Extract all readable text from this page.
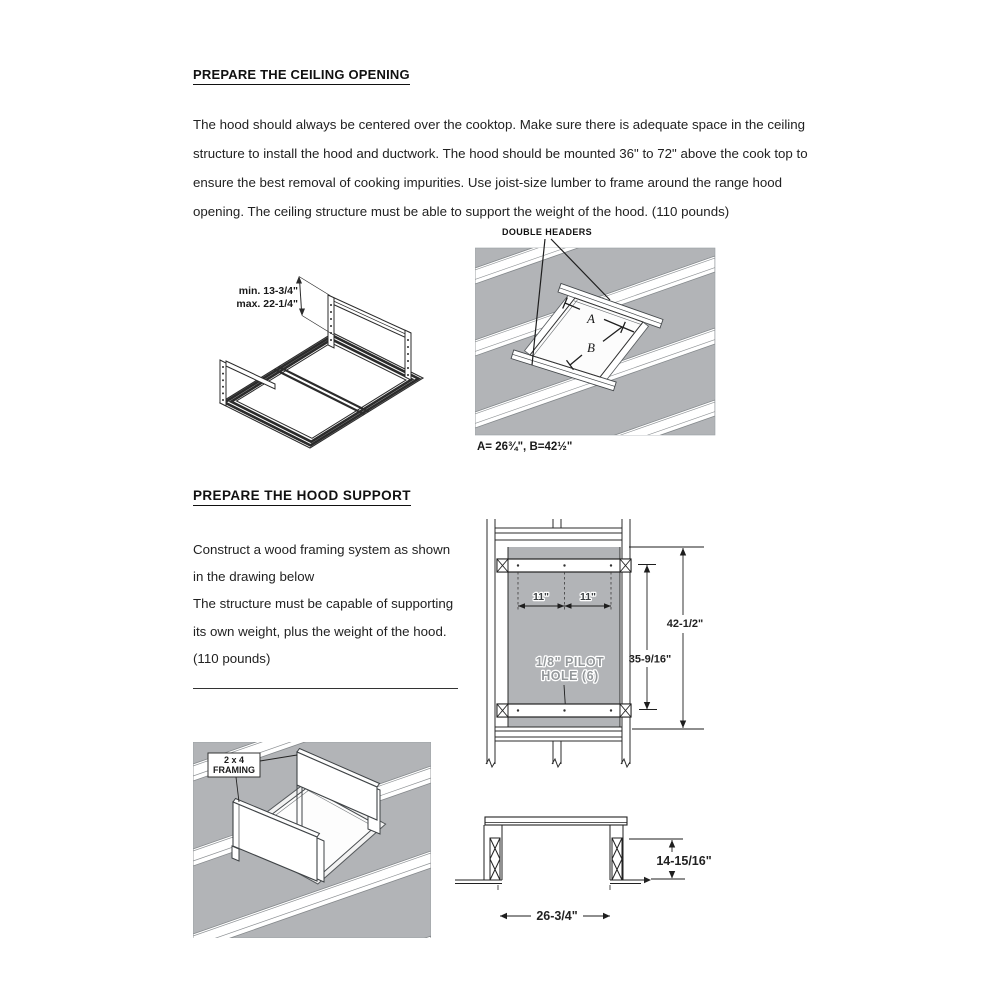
PREPARE THE CEILING OPENING
The hood should always be centered over the cooktop. Make sure there is adequate space in the ceiling
structure to install the hood and ductwork. The hood should be mounted 36" to 72" above the cook top to
ensure the best removal of cooking impurities. Use joist-size lumber to frame around the range hood
opening. The ceiling structure must be able to support the weight of the hood. (110 pounds)
min. 13-3/4"
max. 22-1/4"
DOUBLE HEADERS
A
B
A= 26¾", B=42½"
PREPARE THE HOOD SUPPORT
Construct a wood framing system as shown
in the drawing below
The structure must be capable of supporting
its own weight, plus the weight of the hood.
(110 pounds)
11"	11"
1/8" PILOT
HOLE (6)
35-9/16"
42-1/2"
2 x 4
FRAMING
14-15/16"
26-3/4"
